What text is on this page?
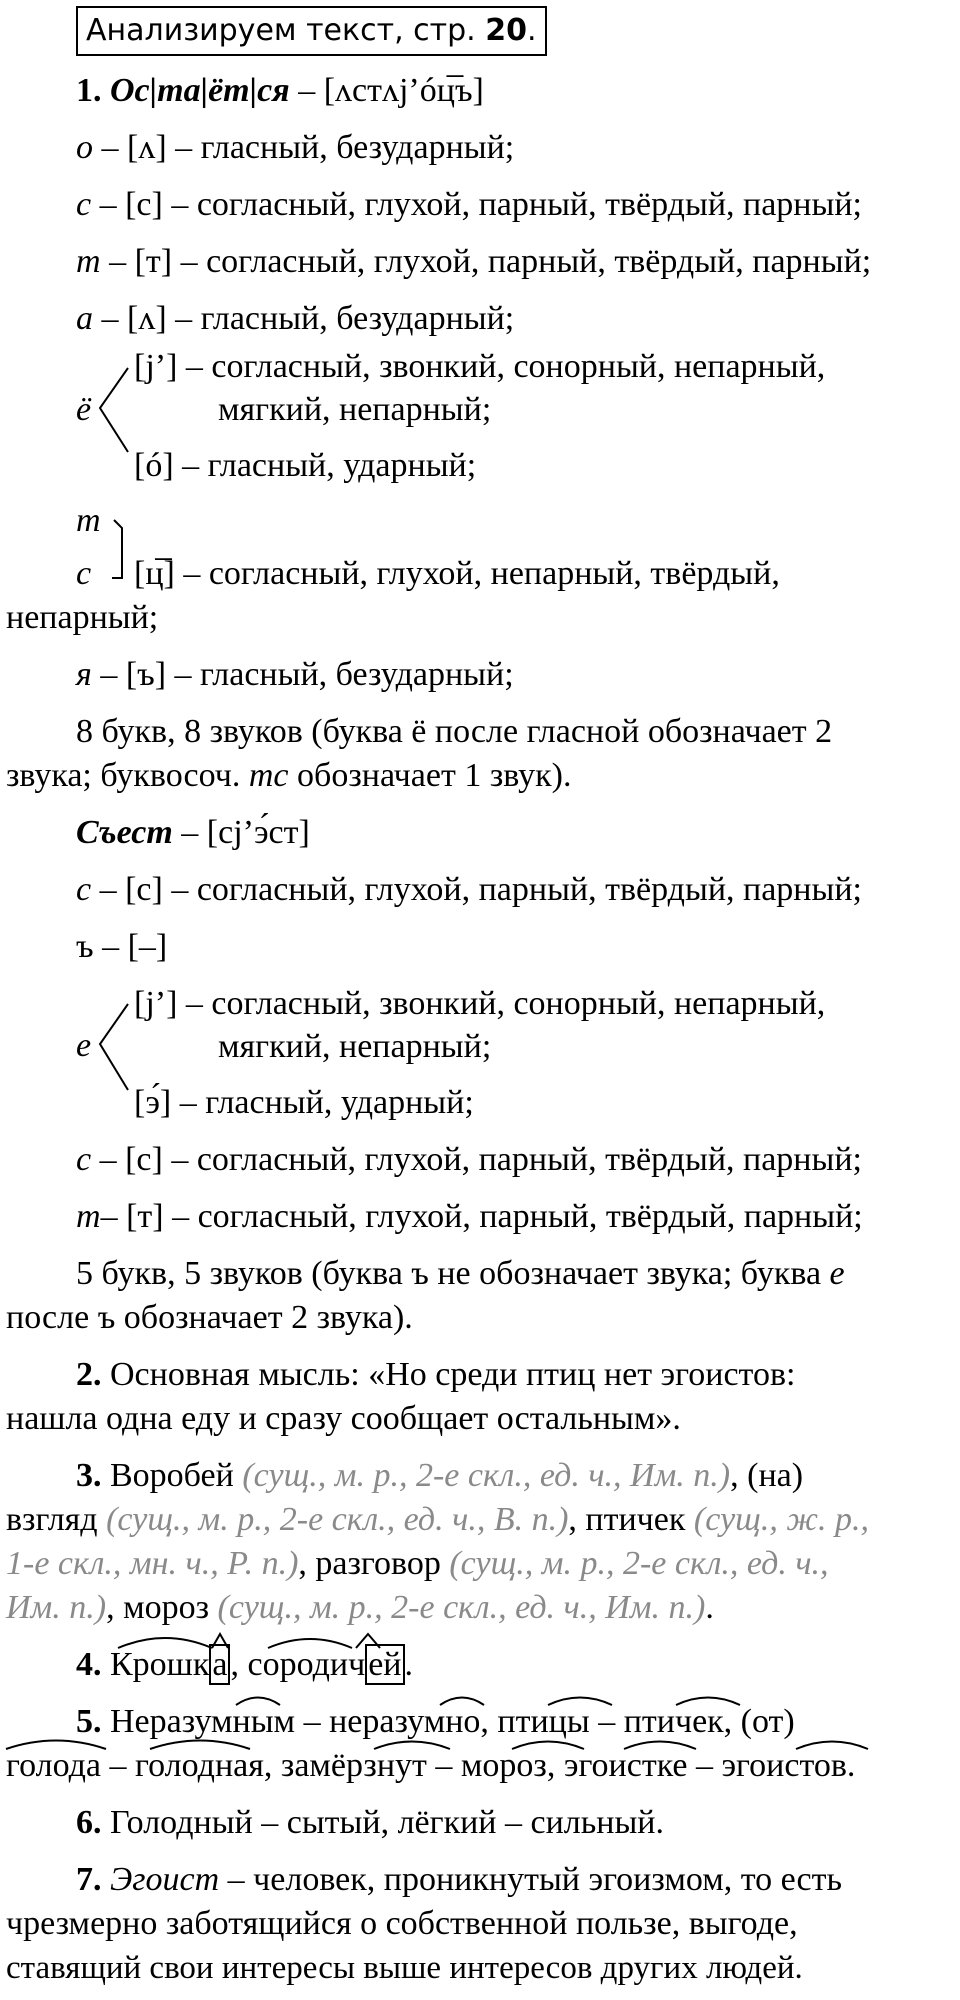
Анализируем текст, стр. 20.
1. Ос|та|ёт|ся – [ʌстʌj’óц̅ъ]
о – [ʌ] – гласный, безударный;
с – [с] – согласный, глухой, парный, твёрдый, парный;
т – [т] – согласный, глухой, парный, твёрдый, парный;
а – [ʌ] – гласный, безударный;
ё
[j’] – согласный, звонкий, сонорный, непарный,
мягкий, непарный;
[ó] – гласный, ударный;
т
с [ц̅] – согласный, глухой, непарный, твёрдый,
непарный;
я – [ъ] – гласный, безударный;
8 букв, 8 звуков (буква ё после гласной обозначает 2
звука; буквосоч. тс обозначает 1 звук).
Съест – [сj’э́ст]
с – [с] – согласный, глухой, парный, твёрдый, парный;
ъ – [–]
е
[j’] – согласный, звонкий, сонорный, непарный,
мягкий, непарный;
[э́] – гласный, ударный;
с – [с] – согласный, глухой, парный, твёрдый, парный;
т– [т] – согласный, глухой, парный, твёрдый, парный;
5 букв, 5 звуков (буква ъ не обозначает звука; буква е
после ъ обозначает 2 звука).
2. Основная мысль: «Но среди птиц нет эгоистов:
нашла одна еду и сразу сообщает остальным».
3. Воробей (сущ., м. р., 2-е скл., ед. ч., Им. п.), (на)
взгляд (сущ., м. р., 2-е скл., ед. ч., В. п.), птичек (сущ., ж. р.,
1-е скл., мн. ч., Р. п.), разговор (сущ., м. р., 2-е скл., ед. ч.,
Им. п.), мороз (сущ., м. р., 2-е скл., ед. ч., Им. п.).
4. Крошка, сородичей.
5. Неразумным – неразумно, птицы – птичек, (от)
голода – голодная, замёрзнут – мороз, эгоистке – эгоистов.
6. Голодный – сытый, лёгкий – сильный.
7. Эгоист – человек, проникнутый эгоизмом, то есть
чрезмерно заботящийся о собственной пользе, выгоде,
ставящий свои интересы выше интересов других людей.
